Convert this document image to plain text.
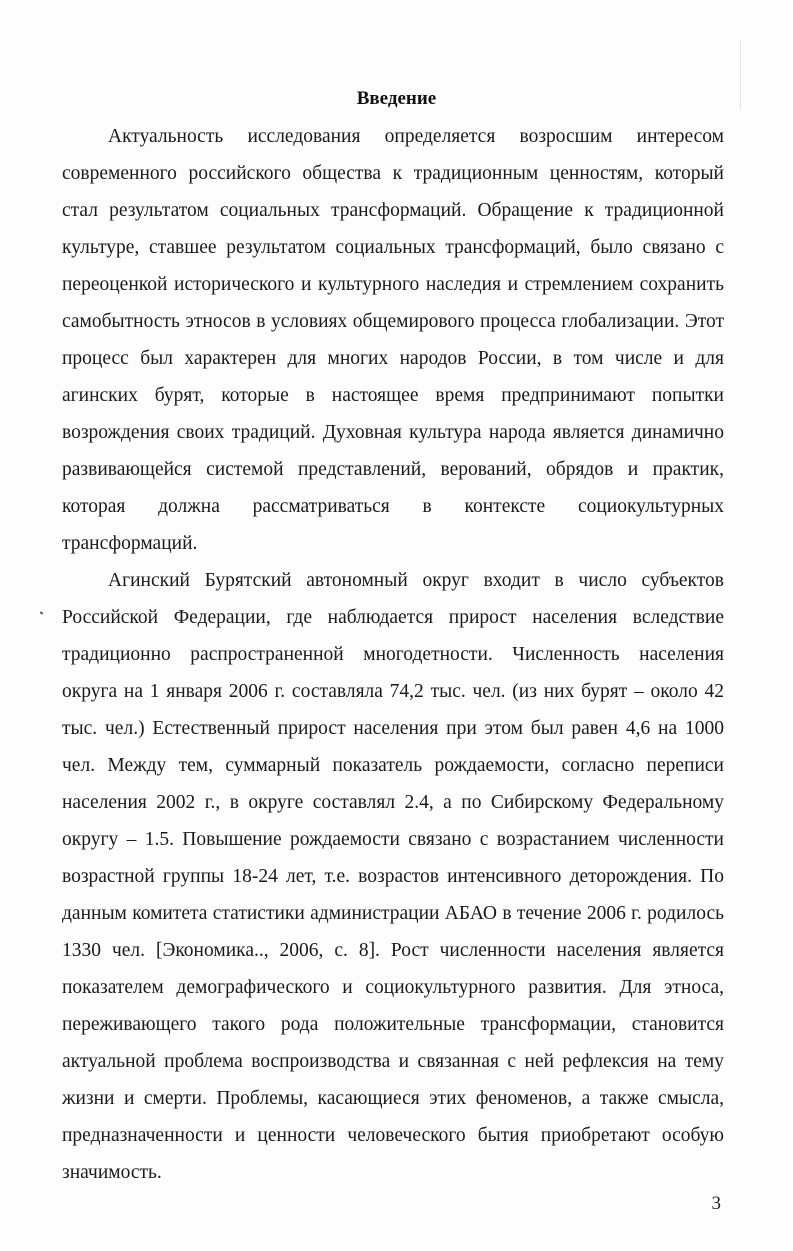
Введение

Актуальность исследования определяется возросшим интересом современного российского общества к традиционным ценностям, который стал результатом социальных трансформаций. Обращение к традиционной культуре, ставшее результатом социальных трансформаций, было связано с переоценкой исторического и культурного наследия и стремлением сохранить самобытность этносов в условиях общемирового процесса глобализации. Этот процесс был характерен для многих народов России, в том числе и для агинских бурят, которые в настоящее время предпринимают попытки возрождения своих традиций. Духовная культура народа является динамично развивающейся системой представлений, верований, обрядов и практик, которая должна рассматриваться в контексте социокультурных трансформаций.

Агинский Бурятский автономный округ входит в число субъектов Российской Федерации, где наблюдается прирост населения вследствие традиционно распространенной многодетности. Численность населения округа на 1 января 2006 г. составляла 74,2 тыс. чел. (из них бурят – около 42 тыс. чел.) Естественный прирост населения при этом был равен 4,6 на 1000 чел. Между тем, суммарный показатель рождаемости, согласно переписи населения 2002 г., в округе составлял 2.4, а по Сибирскому Федеральному округу – 1.5. Повышение рождаемости связано с возрастанием численности возрастной группы 18-24 лет, т.е. возрастов интенсивного деторождения. По данным комитета статистики администрации АБАО в течение 2006 г. родилось 1330 чел. [Экономика.., 2006, с. 8]. Рост численности населения является показателем демографического и социокультурного развития. Для этноса, переживающего такого рода положительные трансформации, становится актуальной проблема воспроизводства и связанная с ней рефлексия на тему жизни и смерти. Проблемы, касающиеся этих феноменов, а также смысла, предназначенности и ценности человеческого бытия приобретают особую значимость.

3
